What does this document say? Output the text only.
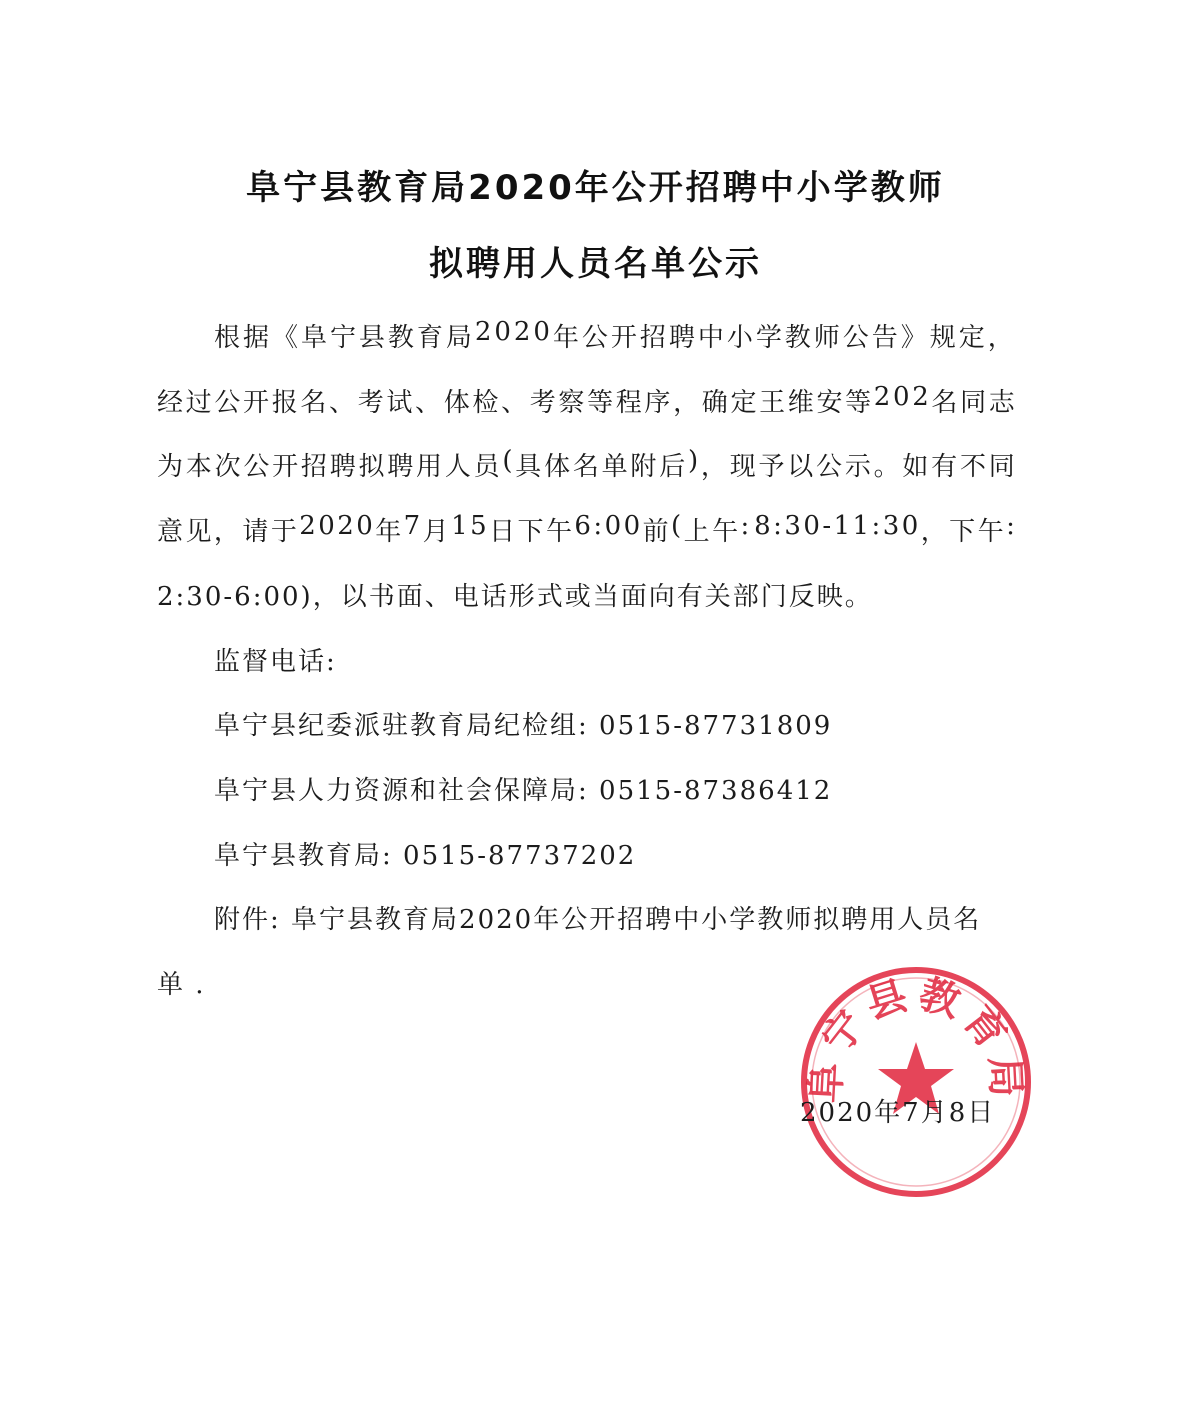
阜宁县教育局2020年公开招聘中小学教师
拟聘用人员名单公示
根 据 《 阜 宁 县 教 育 局 2 0 2 0 年 公 开 招 聘 中 小 学 教 师 公 告 》 规 定 ，
经 过 公 开 报 名 、 考 试 、 体 检 、 考 察 等 程 序 ， 确 定 王 维 安 等 2 0 2 名 同 志
为 本 次 公 开 招 聘 拟 聘 用 人 员 ( 具 体 名 单 附 后 ) ， 现 予 以 公 示 。 如 有 不 同
意 见 ， 请 于 2 0 2 0 年 7 月 1 5 日 下 午 6 : 0 0 前 ( 上 午 : 8 : 3 0 - 1 1 : 3 0 ， 下 午 :
2:30-6:00)，以书面、电话形式或当面向有关部门反映。
监督电话:
阜宁县纪委派驻教育局纪检组: 0515-87731809
阜宁县人力资源和社会保障局: 0515-87386412
阜宁县教育局: 0515-87737202
附件: 阜宁县教育局2020年公开招聘中小学教师拟聘用人员名
单 .
阜宁县教育局
2020年7月8日
